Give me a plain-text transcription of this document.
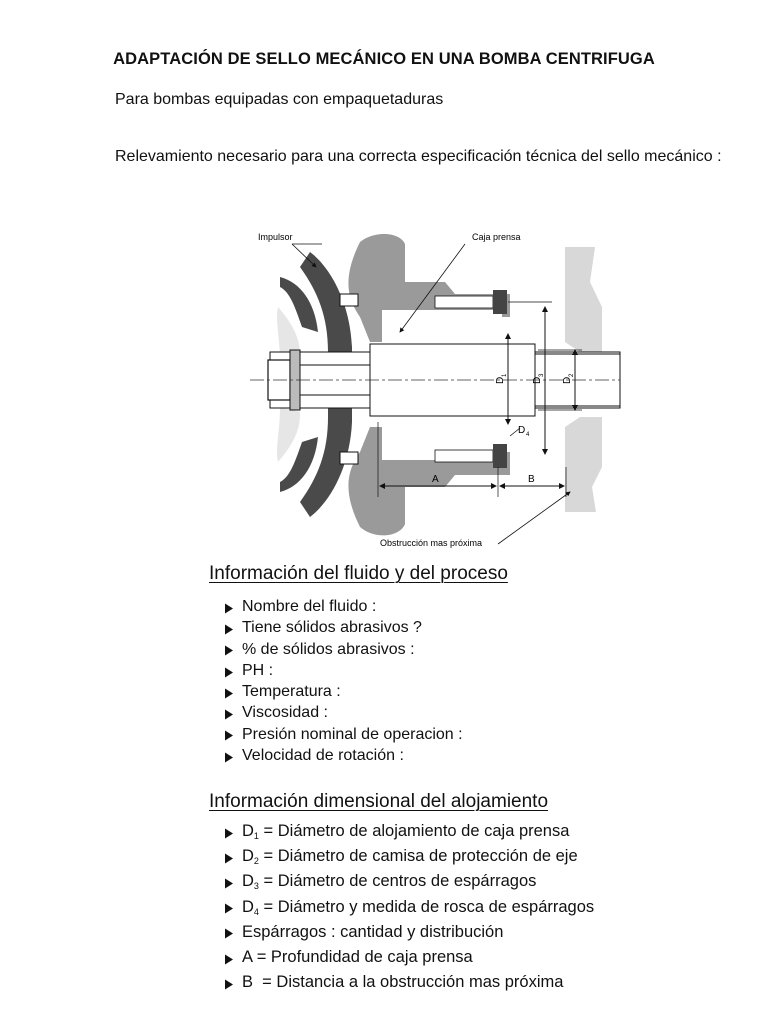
ADAPTACIÓN DE SELLO MECÁNICO EN UNA BOMBA CENTRIFUGA
Para bombas equipadas con empaquetaduras
Relevamiento necesario para una correcta especificación técnica del sello mecánico :
Impulsor	Caja prensa
Obstrucción mas próxima
A	B
D
1
D
3
D
2
D 4
Información del fluido y del proceso
Nombre del fluido :
Tiene sólidos abrasivos ?
% de sólidos abrasivos :
PH :
Temperatura :
Viscosidad :
Presión nominal de operacion :
Velocidad de rotación :
Información dimensional del alojamiento
$D_1$ = Diámetro de alojamiento de caja prensa
$D_2$ = Diámetro de camisa de protección de eje
$D_3$ = Diámetro de centros de espárragos
$D_4$ = Diámetro y medida de rosca de espárragos
Espárragos : cantidad y distribución
A = Profundidad de caja prensa
B  = Distancia a la obstrucción mas próxima
